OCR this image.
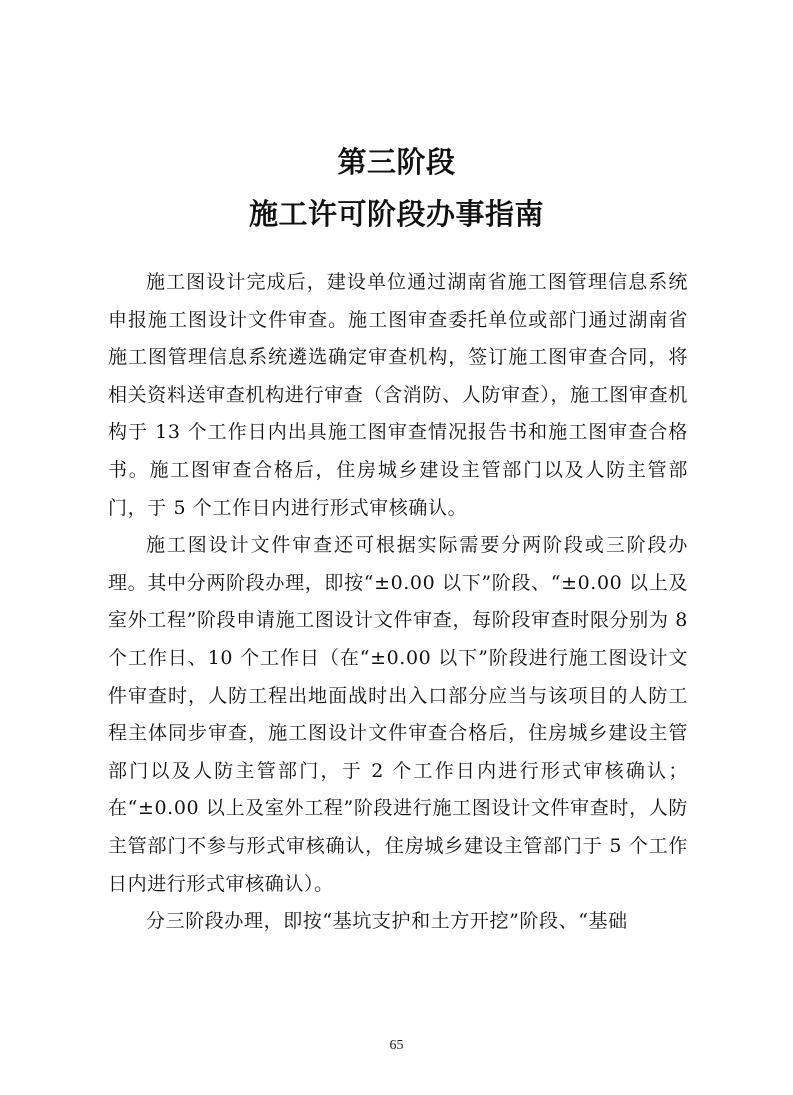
第三阶段
施工许可阶段办事指南

施工图设计完成后，建设单位通过湖南省施工图管理信息系统申报施工图设计文件审查。施工图审查委托单位或部门通过湖南省施工图管理信息系统遴选确定审查机构，签订施工图审查合同，将相关资料送审查机构进行审查（含消防、人防审查），施工图审查机构于 13 个工作日内出具施工图审查情况报告书和施工图审查合格书。施工图审查合格后，住房城乡建设主管部门以及人防主管部门，于 5 个工作日内进行形式审核确认。

施工图设计文件审查还可根据实际需要分两阶段或三阶段办理。其中分两阶段办理，即按“±0.00 以下”阶段、“±0.00 以上及室外工程”阶段申请施工图设计文件审查，每阶段审查时限分别为 8 个工作日、10 个工作日（在“±0.00 以下”阶段进行施工图设计文件审查时，人防工程出地面战时出入口部分应当与该项目的人防工程主体同步审查，施工图设计文件审查合格后，住房城乡建设主管部门以及人防主管部门，于 2 个工作日内进行形式审核确认；在“±0.00 以上及室外工程”阶段进行施工图设计文件审查时，人防主管部门不参与形式审核确认，住房城乡建设主管部门于 5 个工作日内进行形式审核确认）。

分三阶段办理，即按“基坑支护和土方开挖”阶段、“基础

65
